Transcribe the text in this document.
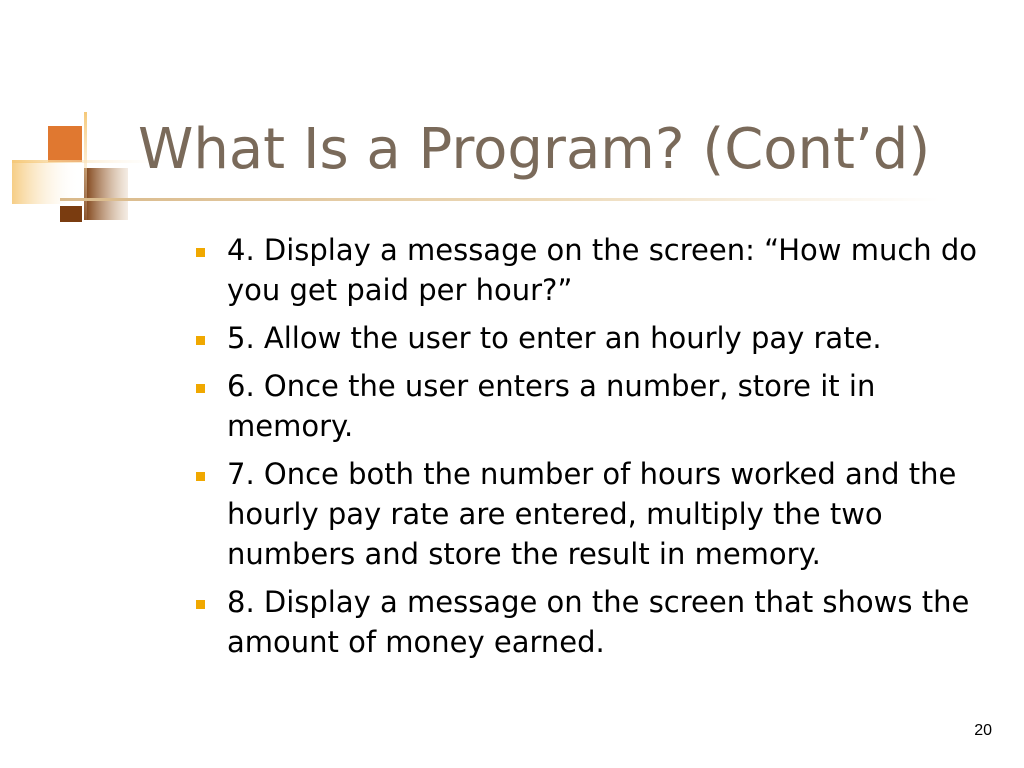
What Is a Program? (Cont’d)
4. Display a message on the screen: “How much do you get paid per hour?”
5. Allow the user to enter an hourly pay rate.
6. Once the user enters a number, store it in memory.
7. Once both the number of hours worked and the hourly pay rate are entered, multiply the two numbers and store the result in memory.
8. Display a message on the screen that shows the amount of money earned.
20
